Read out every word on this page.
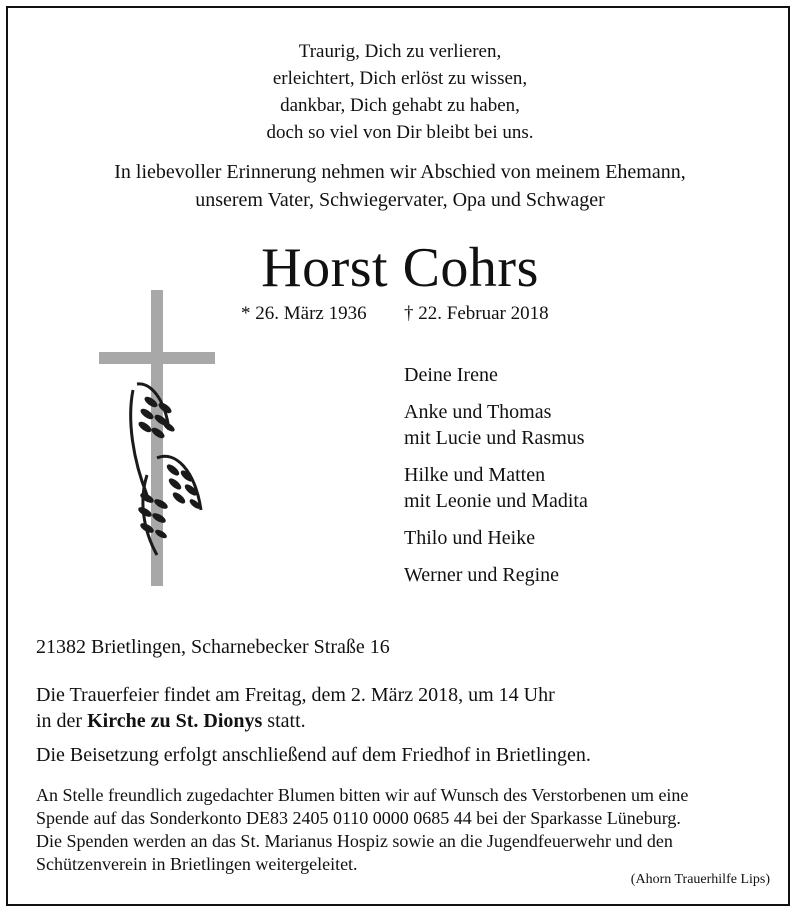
Traurig, Dich zu verlieren,
erleichtert, Dich erlöst zu wissen,
dankbar, Dich gehabt zu haben,
doch so viel von Dir bleibt bei uns.
In liebevoller Erinnerung nehmen wir Abschied von meinem Ehemann,
unserem Vater, Schwiegervater, Opa und Schwager
Horst Cohrs
* 26. März 1936 † 22. Februar 2018
Deine Irene
Anke und Thomas
mit Lucie und Rasmus
Hilke und Matten
mit Leonie und Madita
Thilo und Heike
Werner und Regine
21382 Brietlingen, Scharnebecker Straße 16
Die Trauerfeier findet am Freitag, dem 2. März 2018, um 14 Uhr
in der Kirche zu St. Dionys statt.
Die Beisetzung erfolgt anschließend auf dem Friedhof in Brietlingen.
An Stelle freundlich zugedachter Blumen bitten wir auf Wunsch des Verstorbenen um eine
Spende auf das Sonderkonto DE83 2405 0110 0000 0685 44 bei der Sparkasse Lüneburg.
Die Spenden werden an das St. Marianus Hospiz sowie an die Jugendfeuerwehr und den
Schützenverein in Brietlingen weitergeleitet.
(Ahorn Trauerhilfe Lips)
